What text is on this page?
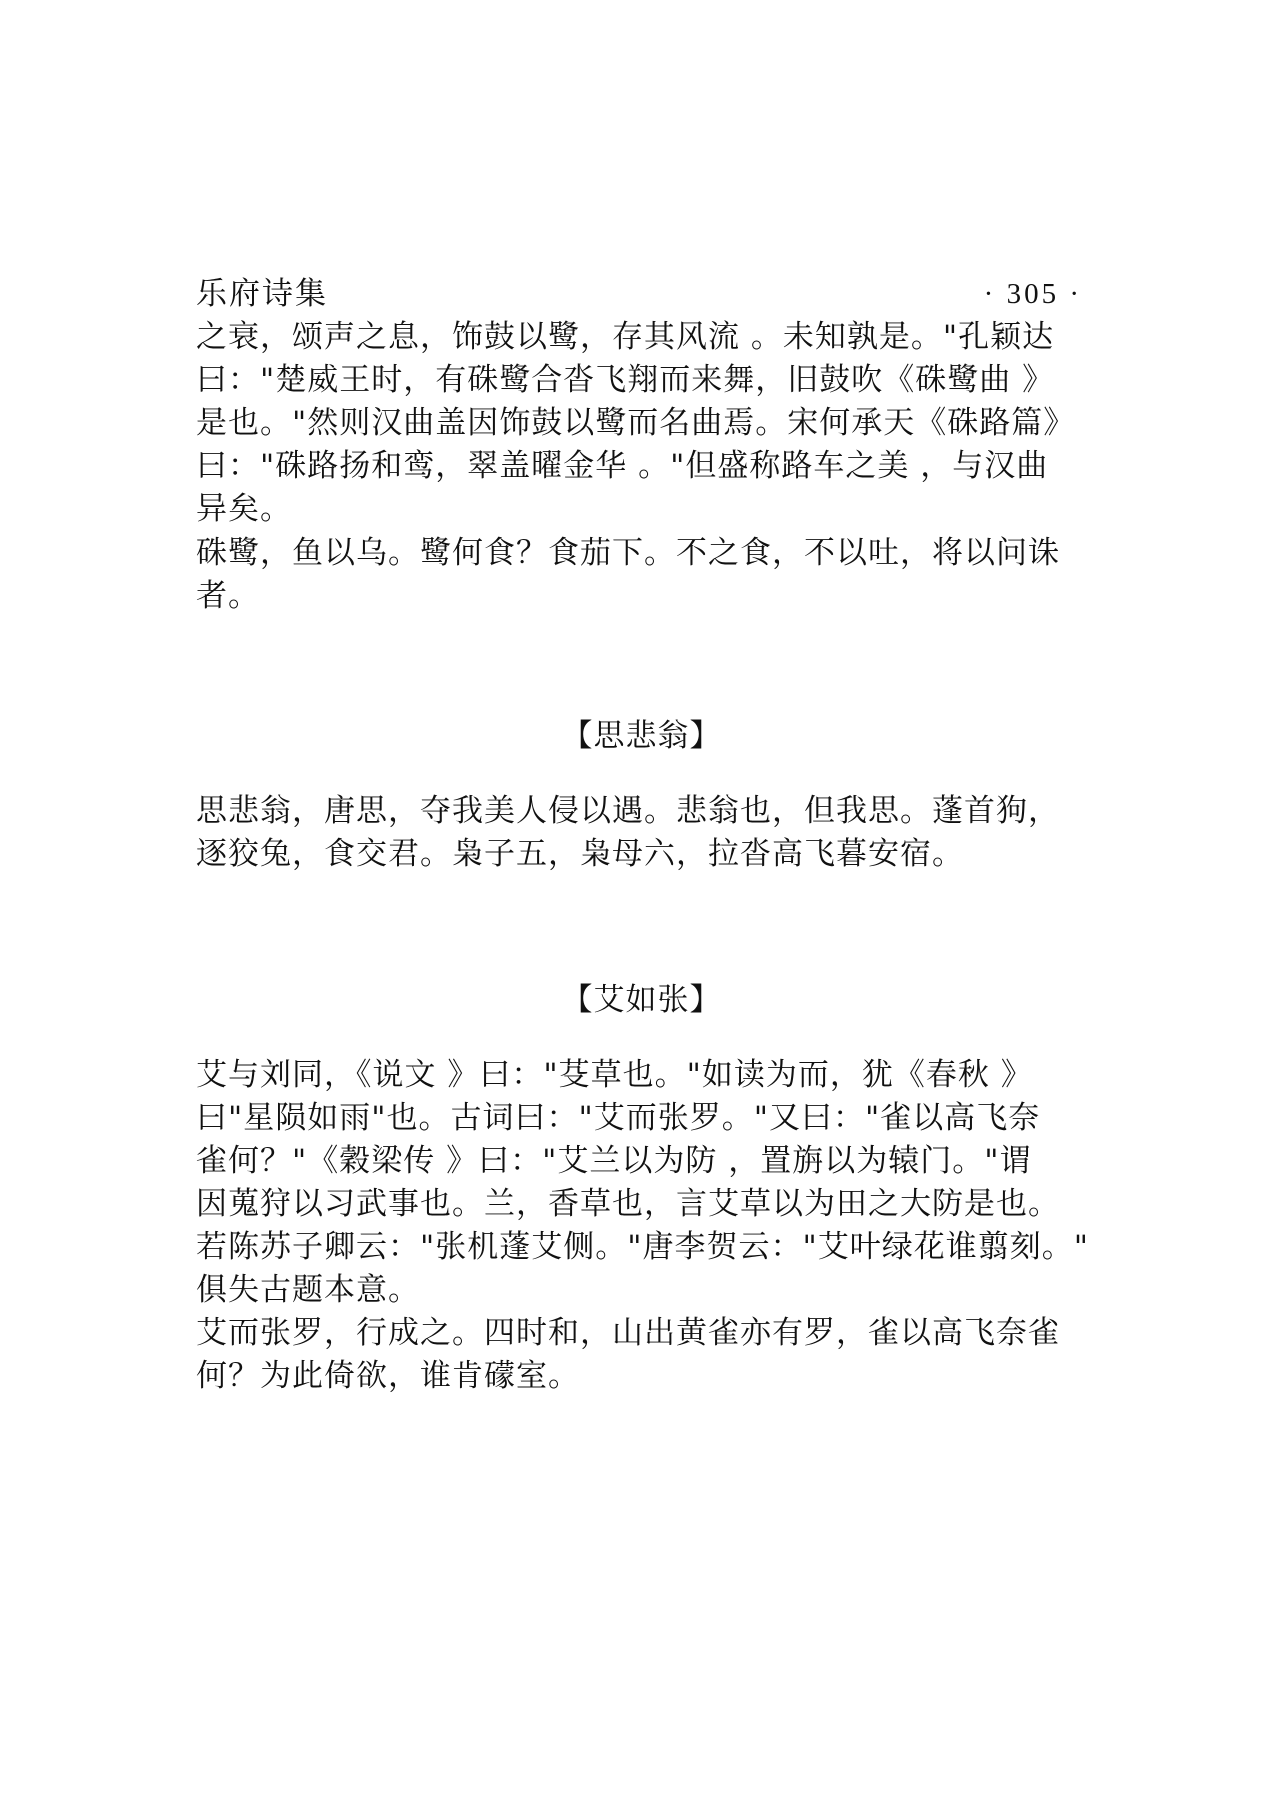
乐府诗集	· 305 ·

之衰，颂声之息，饰鼓以鹭，存其风流 。未知孰是。"孔颖达
曰："楚威王时，有硃鹭合沓飞翔而来舞，旧鼓吹《硃鹭曲 》
是也。"然则汉曲盖因饰鼓以鹭而名曲焉。宋何承天《硃路篇》
曰："硃路扬和鸾，翠盖曜金华 。"但盛称路车之美 ，与汉曲
异矣。

硃鹭，鱼以乌。鹭何食？食茄下。不之食，不以吐，将以问诛
者。

【思悲翁】

思悲翁，唐思，夺我美人侵以遇。悲翁也，但我思。蓬首狗，
逐狡兔，食交君。枭子五，枭母六，拉沓高飞暮安宿。

【艾如张】

艾与刘同，《说文 》曰："芟草也。"如读为而，犹《春秋 》
曰"星陨如雨"也。古词曰："艾而张罗。"又曰："雀以高飞奈
雀何？"《穀梁传 》曰："艾兰以为防 ，置旃以为辕门。"谓
因蒐狩以习武事也。兰，香草也，言艾草以为田之大防是也。
若陈苏子卿云："张机蓬艾侧。"唐李贺云："艾叶绿花谁翦刻。"
俱失古题本意。

艾而张罗，行成之。四时和，山出黄雀亦有罗，雀以高飞奈雀
何？为此倚欲，谁肯礞室。
